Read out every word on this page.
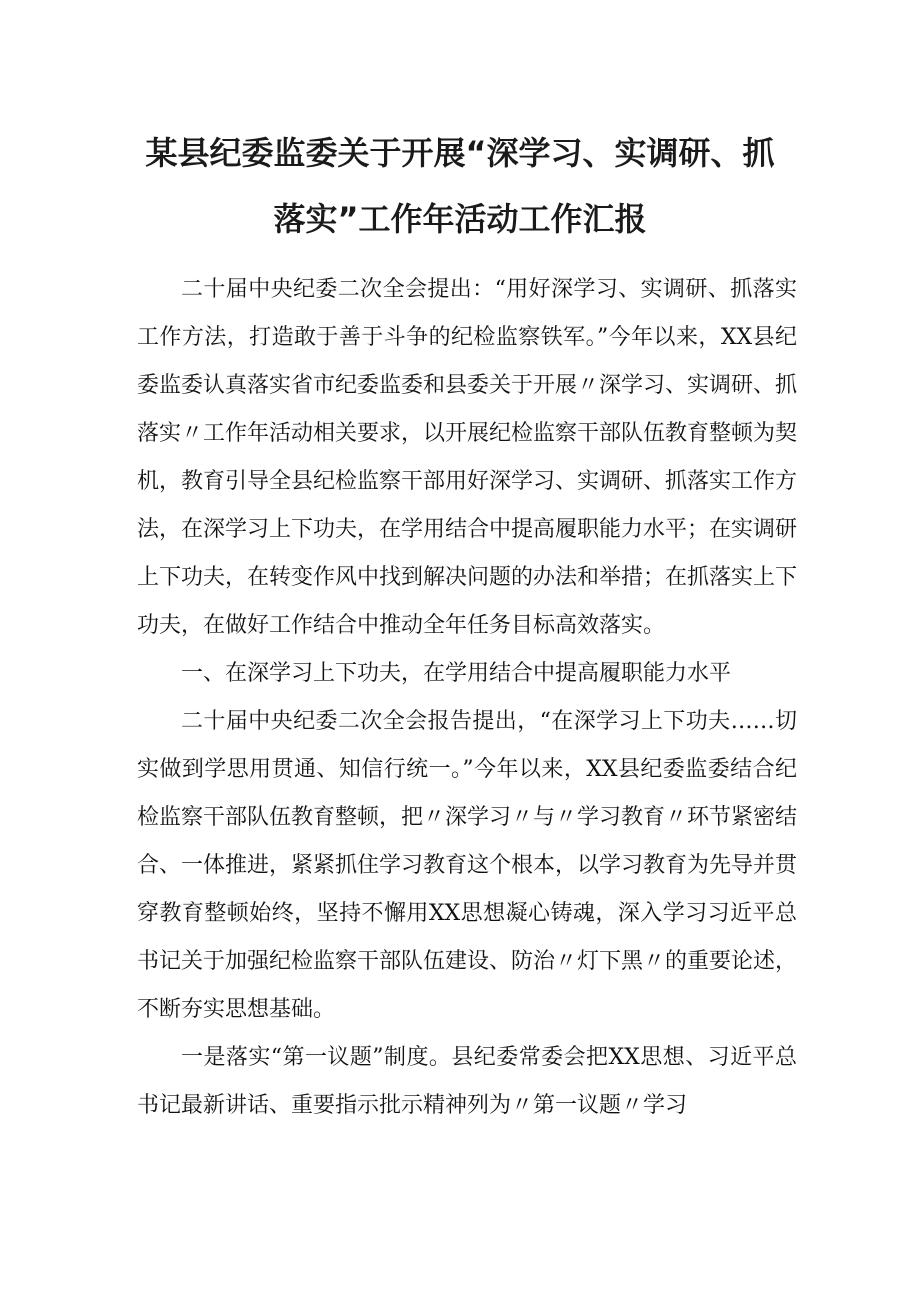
某县纪委监委关于开展“深学习、实调研、抓
落实”工作年活动工作汇报

二十届中央纪委二次全会提出：“用好深学习、实调研、抓落实工作方法，打造敢于善于斗争的纪检监察铁军。”今年以来，XX县纪委监委认真落实省市纪委监委和县委关于开展〃深学习、实调研、抓落实〃工作年活动相关要求，以开展纪检监察干部队伍教育整顿为契机，教育引导全县纪检监察干部用好深学习、实调研、抓落实工作方法，在深学习上下功夫，在学用结合中提高履职能力水平；在实调研上下功夫，在转变作风中找到解决问题的办法和举措；在抓落实上下功夫，在做好工作结合中推动全年任务目标高效落实。

一、在深学习上下功夫，在学用结合中提高履职能力水平

二十届中央纪委二次全会报告提出，“在深学习上下功夫……切实做到学思用贯通、知信行统一。”今年以来，XX县纪委监委结合纪检监察干部队伍教育整顿，把〃深学习〃与〃学习教育〃环节紧密结合、一体推进，紧紧抓住学习教育这个根本，以学习教育为先导并贯穿教育整顿始终，坚持不懈用XX思想凝心铸魂，深入学习习近平总书记关于加强纪检监察干部队伍建设、防治〃灯下黑〃的重要论述，不断夯实思想基础。

一是落实“第一议题”制度。县纪委常委会把XX思想、习近平总书记最新讲话、重要指示批示精神列为〃第一议题〃学习
